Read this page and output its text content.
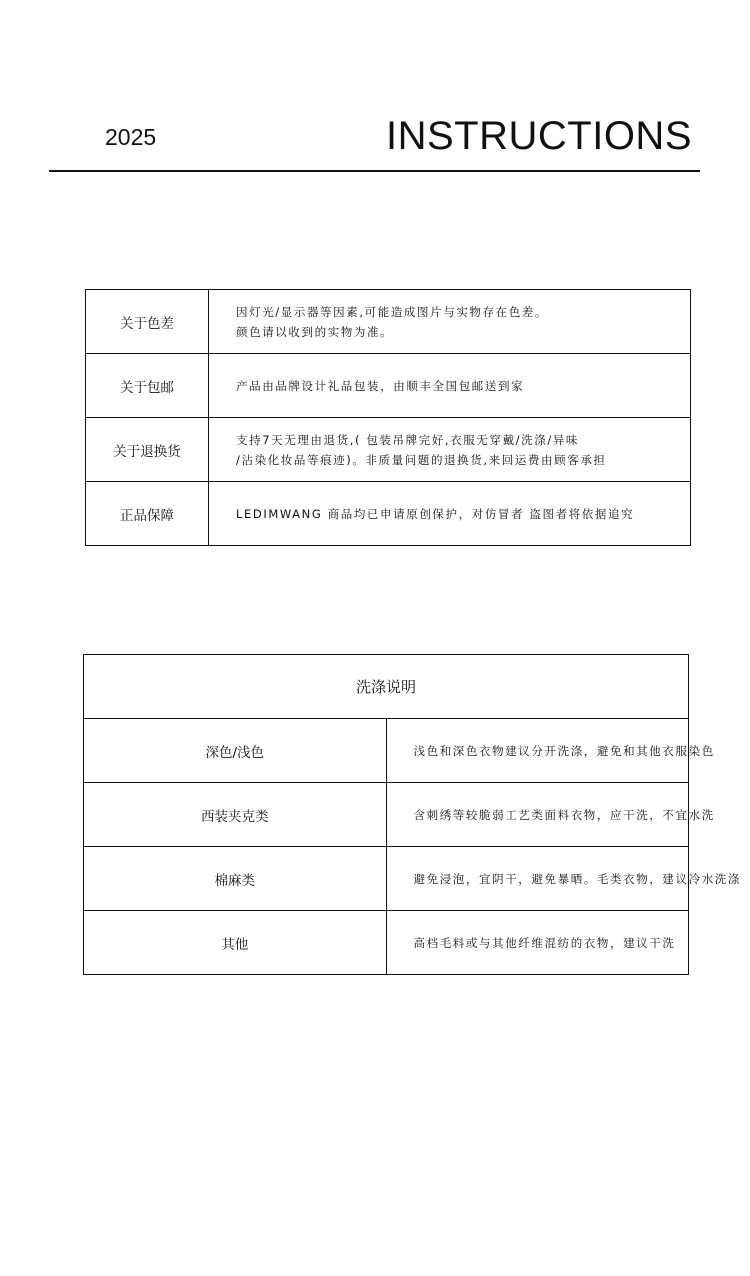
2025	INSTRUCTIONS
关于色差	因灯光/显示器等因素,可能造成图片与实物存在色差。
颜色请以收到的实物为准。

关于包邮	产品由品牌设计礼品包装，由顺丰全国包邮送到家

关于退换货	支持7天无理由退货,( 包装吊牌完好,衣服无穿戴/洗涤/异味
/沾染化妆品等痕迹)。非质量问题的退换货,来回运费由顾客承担

正品保障	LEDIMWANG 商品均已申请原创保护，对仿冒者 盗图者将依据追究
洗涤说明	
深色/浅色	浅色和深色衣物建议分开洗涤，避免和其他衣服染色
西装夹克类	含刺绣等较脆弱工艺类面料衣物，应干洗，不宜水洗
棉麻类	避免浸泡，宜阴干，避免暴晒。毛类衣物，建议冷水洗涤
其他	高档毛料或与其他纤维混纺的衣物，建议干洗
